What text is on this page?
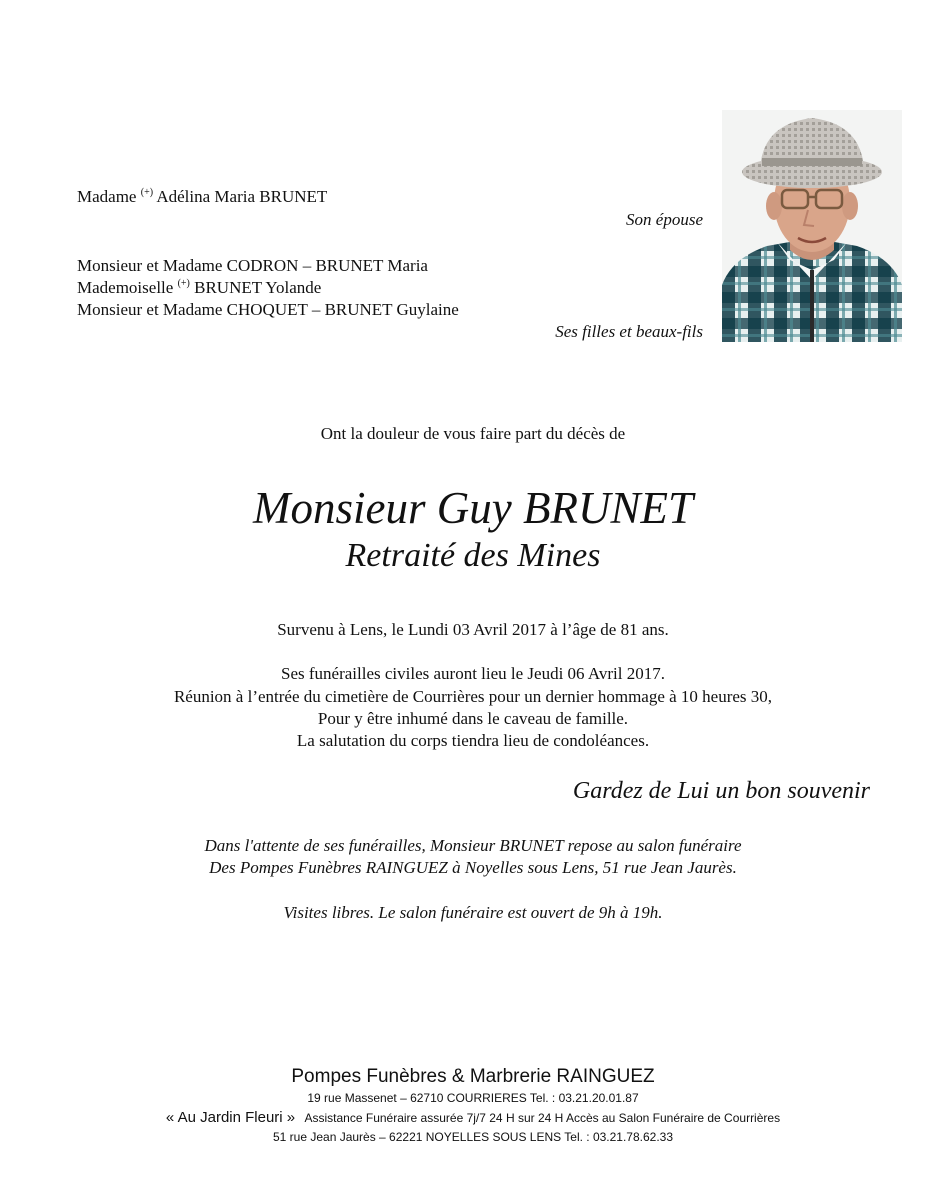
Madame (+) Adélina Maria BRUNET
Son épouse
Monsieur et Madame CODRON – BRUNET Maria
Mademoiselle (+) BRUNET Yolande
Monsieur et Madame CHOQUET – BRUNET Guylaine
Ses filles et beaux-fils
Ont la douleur de vous faire part du décès de
Monsieur Guy BRUNET
Retraité des Mines
Survenu à Lens, le Lundi 03 Avril 2017 à l’âge de 81 ans.
Ses funérailles civiles auront lieu le Jeudi 06 Avril 2017.
Réunion à l’entrée du cimetière de Courrières pour un dernier hommage à 10 heures 30,
Pour y être inhumé dans le caveau de famille.
La salutation du corps tiendra lieu de condoléances.
Gardez de Lui un bon souvenir
Dans l'attente de ses funérailles, Monsieur BRUNET repose au salon funéraire
Des Pompes Funèbres RAINGUEZ à Noyelles sous Lens, 51 rue Jean Jaurès.
Visites libres. Le salon funéraire est ouvert de 9h à 19h.
Pompes Funèbres & Marbrerie RAINGUEZ
19 rue Massenet – 62710 COURRIERES Tel. : 03.21.20.01.87
« Au Jardin Fleuri » Assistance Funéraire assurée 7j/7 24 H sur 24 H Accès au Salon Funéraire de Courrières
51 rue Jean Jaurès – 62221 NOYELLES SOUS LENS Tel. : 03.21.78.62.33
